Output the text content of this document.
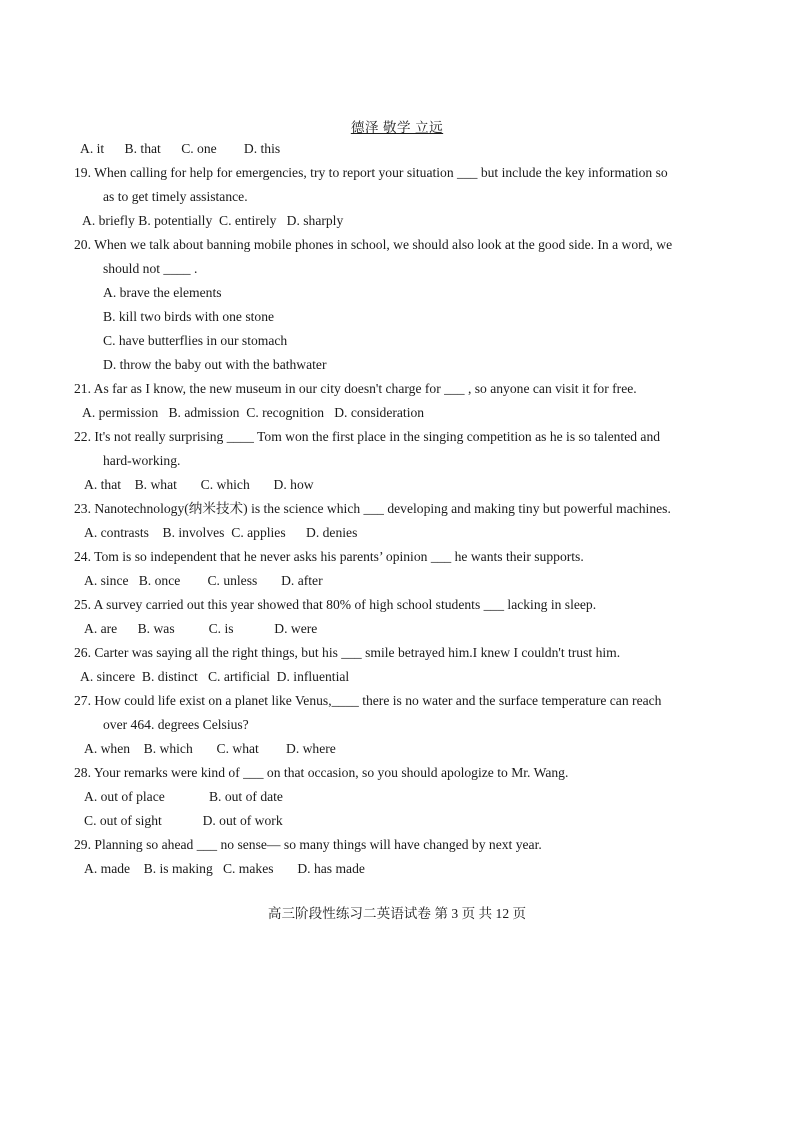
德泽 敬学 立远
A. it      B. that      C. one        D. this
19. When calling for help for emergencies, try to report your situation ___ but include the key information so
as to get timely assistance.
A. briefly B. potentially  C. entirely   D. sharply
20. When we talk about banning mobile phones in school, we should also look at the good side. In a word, we
should not ____ .
A. brave the elements
B. kill two birds with one stone
C. have butterflies in our stomach
D. throw the baby out with the bathwater
21. As far as I know, the new museum in our city doesn't charge for ___ , so anyone can visit it for free.
A. permission   B. admission  C. recognition   D. consideration
22. It's not really surprising ____ Tom won the first place in the singing competition as he is so talented and
hard-working.
A. that    B. what       C. which       D. how
23. Nanotechnology(纳米技术) is the science which ___ developing and making tiny but powerful machines.
A. contrasts    B. involves  C. applies      D. denies
24. Tom is so independent that he never asks his parents’ opinion ___ he wants their supports.
A. since   B. once        C. unless       D. after
25. A survey carried out this year showed that 80% of high school students ___ lacking in sleep.
A. are      B. was          C. is            D. were
26. Carter was saying all the right things, but his ___ smile betrayed him.I knew I couldn't trust him.
A. sincere  B. distinct   C. artificial  D. influential
27. How could life exist on a planet like Venus,____ there is no water and the surface temperature can reach
over 464. degrees Celsius?
A. when    B. which       C. what        D. where
28. Your remarks were kind of ___ on that occasion, so you should apologize to Mr. Wang.
A. out of place             B. out of date
C. out of sight            D. out of work
29. Planning so ahead ___ no sense— so many things will have changed by next year.
A. made    B. is making   C. makes       D. has made
高三阶段性练习二英语试卷 第 3 页 共 12 页
